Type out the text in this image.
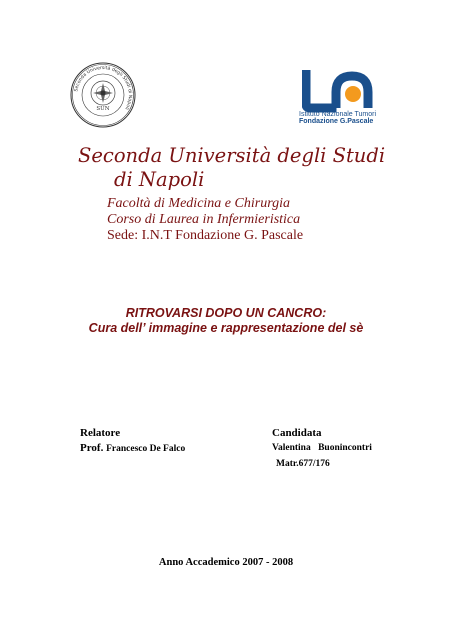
Seconda Università degli Studi di Napoli
SUN
Istituto Nazionale Tumori
Fondazione G.Pascale
Seconda Università degli Studi
di Napoli
Facoltà di Medicina e Chirurgia
Corso di Laurea in Infermieristica
Sede: I.N.T Fondazione G. Pascale
RITROVARSI DOPO UN CANCRO:
Cura dell’ immagine e rappresentazione del sè
Relatore
Prof. Francesco De Falco
Candidata
Valentina Buonincontri
Matr.677/176
Anno Accademico 2007 - 2008
